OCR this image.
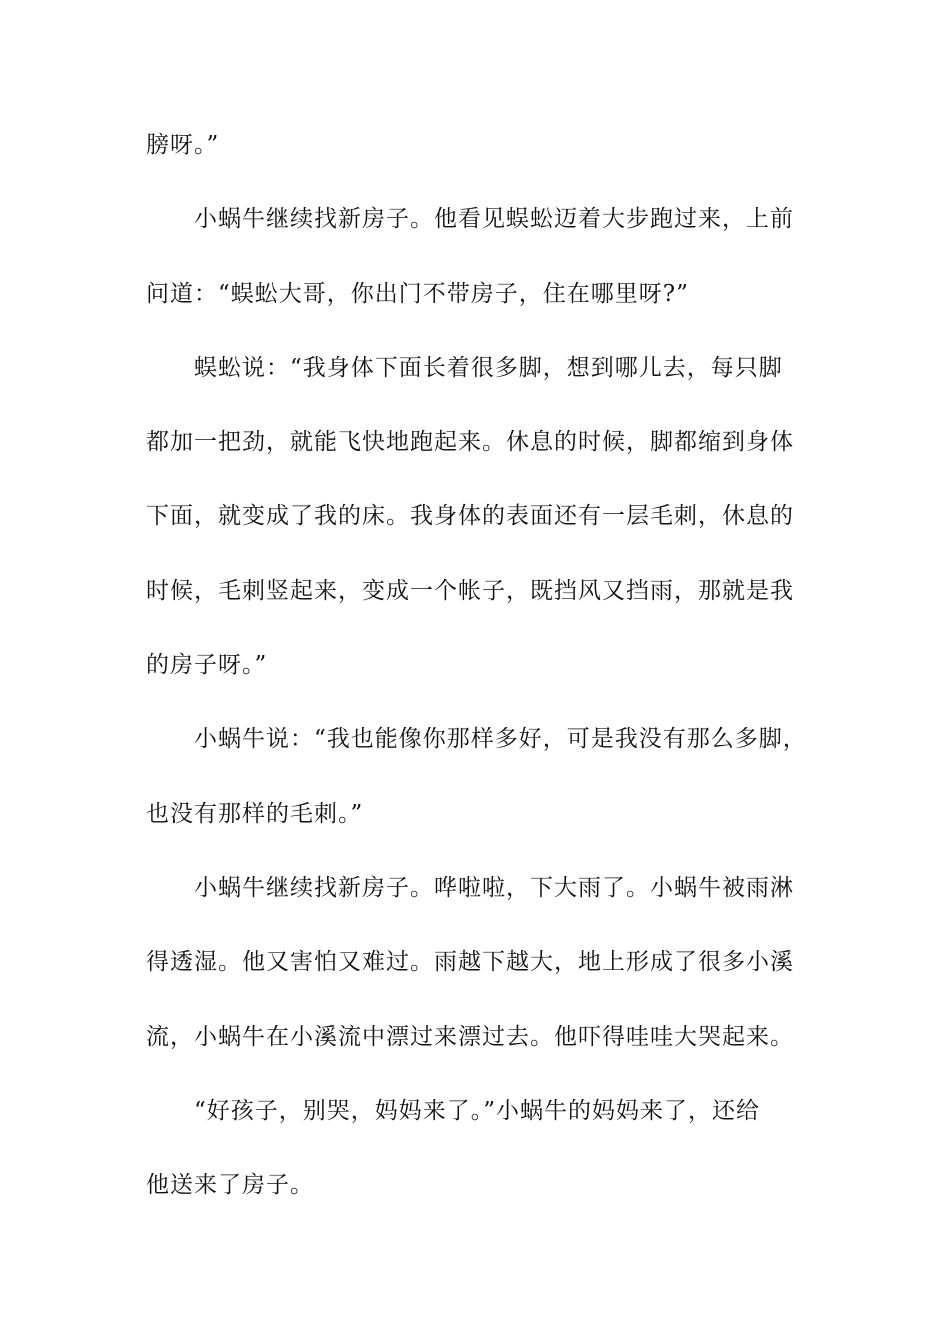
膀呀。”
小蜗牛继续找新房子。他看见蜈蚣迈着大步跑过来，上前
问道：“蜈蚣大哥，你出门不带房子，住在哪里呀?”
蜈蚣说：“我身体下面长着很多脚，想到哪儿去，每只脚
都加一把劲，就能飞快地跑起来。休息的时候，脚都缩到身体
下面，就变成了我的床。我身体的表面还有一层毛刺，休息的
时候，毛刺竖起来，变成一个帐子，既挡风又挡雨，那就是我
的房子呀。”
小蜗牛说：“我也能像你那样多好，可是我没有那么多脚，
也没有那样的毛刺。”
小蜗牛继续找新房子。哗啦啦，下大雨了。小蜗牛被雨淋
得透湿。他又害怕又难过。雨越下越大，地上形成了很多小溪
流，小蜗牛在小溪流中漂过来漂过去。他吓得哇哇大哭起来。
“好孩子，别哭，妈妈来了。”小蜗牛的妈妈来了，还给
他送来了房子。
